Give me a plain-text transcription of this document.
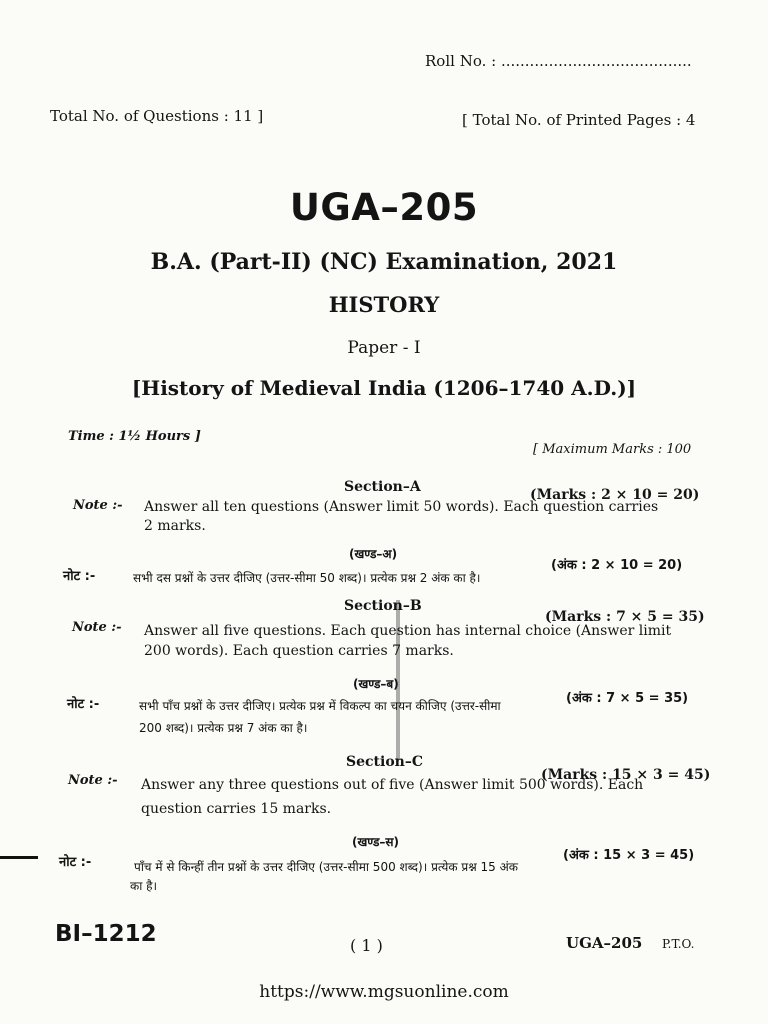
Roll No. : ........................................
Total No. of Questions : 11 ]	[ Total No. of Printed Pages : 4
UGA–205
B.A. (Part-II) (NC) Examination, 2021
HISTORY
Paper - I
[History of Medieval India (1206–1740 A.D.)]
Time : 1½ Hours ]
[ Maximum Marks : 100
Section–A	(Marks : 2 × 10 = 20)
Note :- Answer all ten questions (Answer limit 50 words). Each question carries
2 marks.
(खण्ड–अ)
(अंक : 2 × 10 = 20)
नोट :-	सभी दस प्रश्नों के उत्तर दीजिए (उत्तर-सीमा 50 शब्द)। प्रत्येक प्रश्न 2 अंक का है।
Section–B
(Marks : 7 × 5 = 35)
Note :- Answer all five questions. Each question has internal choice (Answer limit
200 words). Each question carries 7 marks.
(खण्ड–ब)
(अंक : 7 × 5 = 35)
नोट :-	सभी पाँच प्रश्नों के उत्तर दीजिए। प्रत्येक प्रश्न में विकल्प का चयन कीजिए (उत्तर-सीमा
200 शब्द)। प्रत्येक प्रश्न 7 अंक का है।
Section–C
(Marks : 15 × 3 = 45)
Note :- Answer any three questions out of five (Answer limit 500 words). Each
question carries 15 marks.
(खण्ड–स)
(अंक : 15 × 3 = 45)
नोट :-	पाँच में से किन्हीं तीन प्रश्नों के उत्तर दीजिए (उत्तर-सीमा 500 शब्द)। प्रत्येक प्रश्न 15 अंक
का है।
BI–1212	( 1 )	UGA–205 P.T.O.
https://www.mgsuonline.com
